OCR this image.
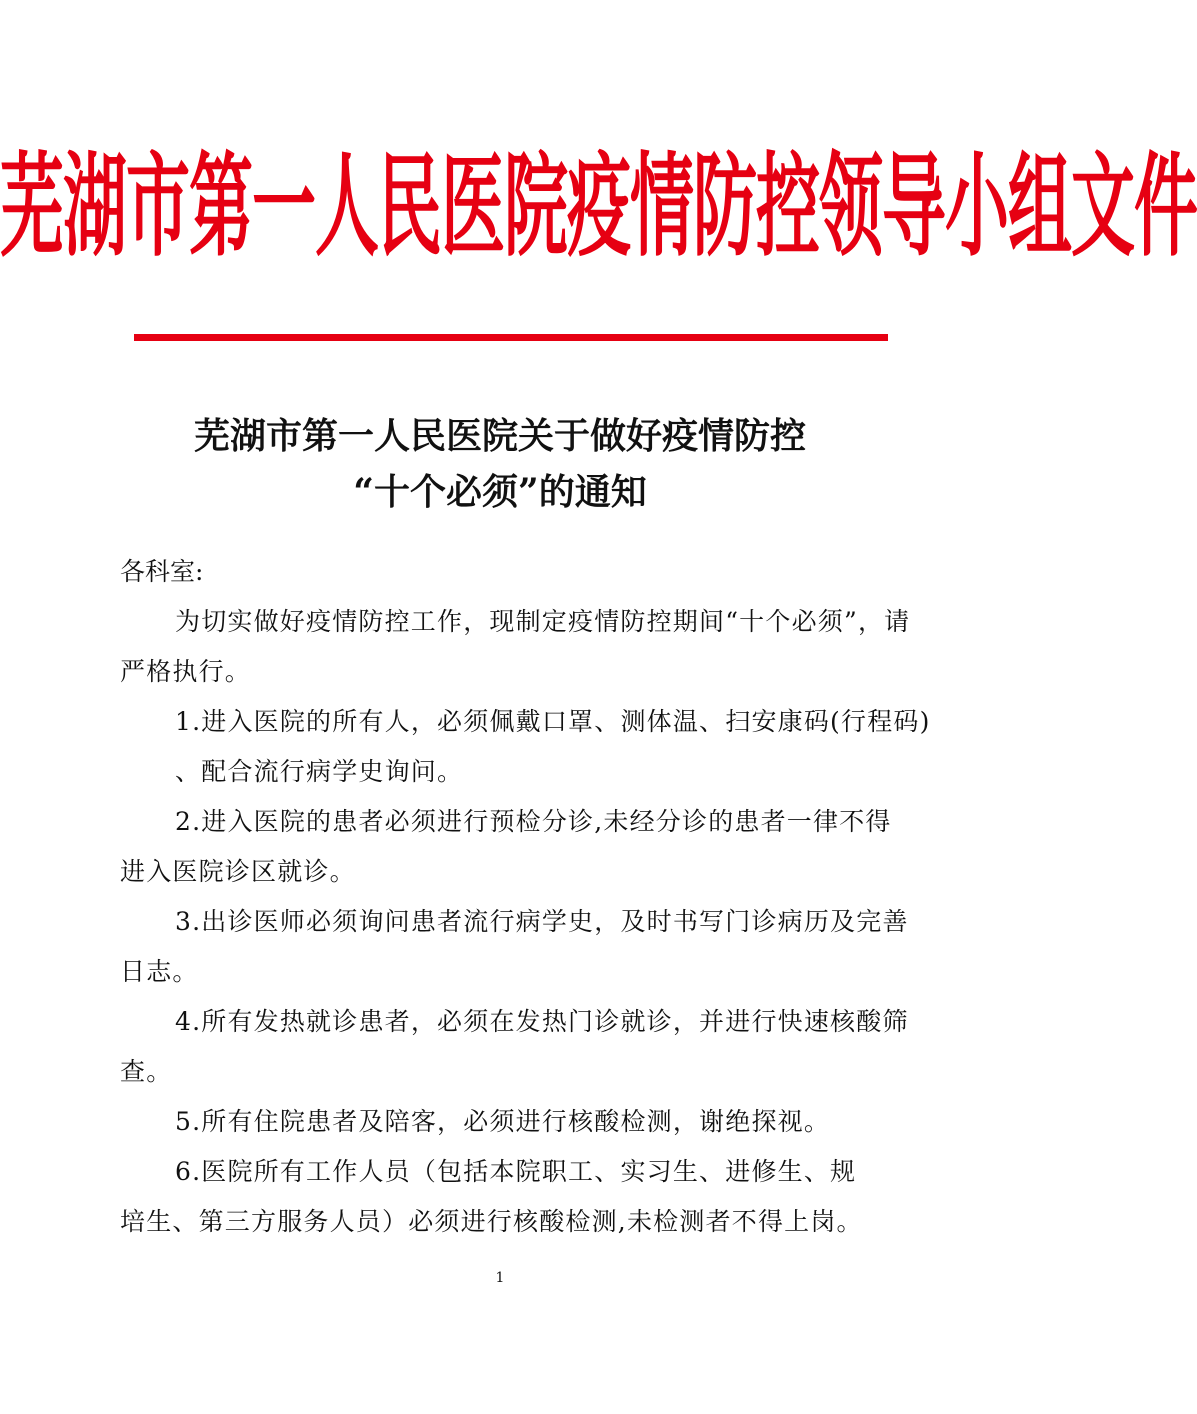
芜湖市第一人民医院疫情防控领导小组文件
芜湖市第一人民医院关于做好疫情防控
“十个必须”的通知
各科室:
为切实做好疫情防控工作，现制定疫情防控期间“十个必须”，请
严格执行。
1.进入医院的所有人，必须佩戴口罩、测体温、扫安康码(行程码)
、配合流行病学史询问。
2.进入医院的患者必须进行预检分诊,未经分诊的患者一律不得
进入医院诊区就诊。
3.出诊医师必须询问患者流行病学史，及时书写门诊病历及完善
日志。
4.所有发热就诊患者，必须在发热门诊就诊，并进行快速核酸筛
查。
5.所有住院患者及陪客，必须进行核酸检测，谢绝探视。
6.医院所有工作人员（包括本院职工、实习生、进修生、规
培生、第三方服务人员）必须进行核酸检测,未检测者不得上岗。
1
